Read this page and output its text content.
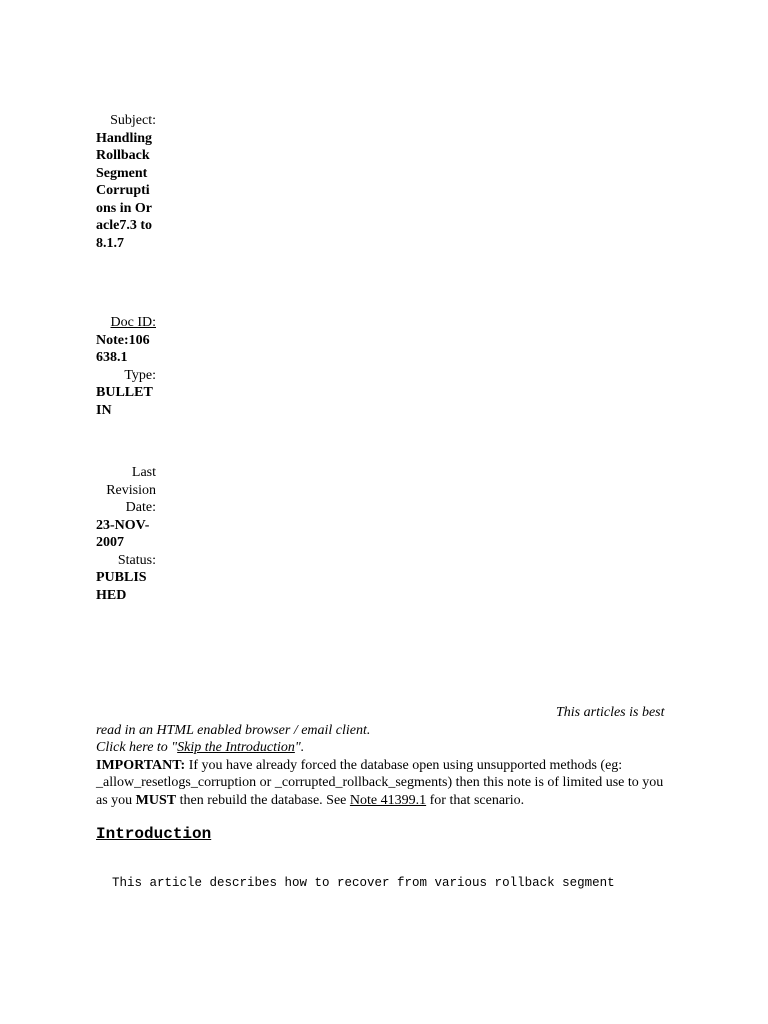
Subject:
Handling Rollback Segment Corruptions in Oracle7.3 to 8.1.7
Doc ID:
Note:106638.1
Type:
BULLETIN
Last Revision Date:
23-NOV-2007
Status:
PUBLISHED

This articles is best read in an HTML enabled browser / email client.

Click here to "Skip the Introduction".

IMPORTANT: If you have already forced the database open using unsupported methods (eg: _allow_resetlogs_corruption or _corrupted_rollback_segments) then this note is of limited use to you as you MUST then rebuild the database. See Note 41399.1 for that scenario.

Introduction

This article describes how to recover from various rollback segment
